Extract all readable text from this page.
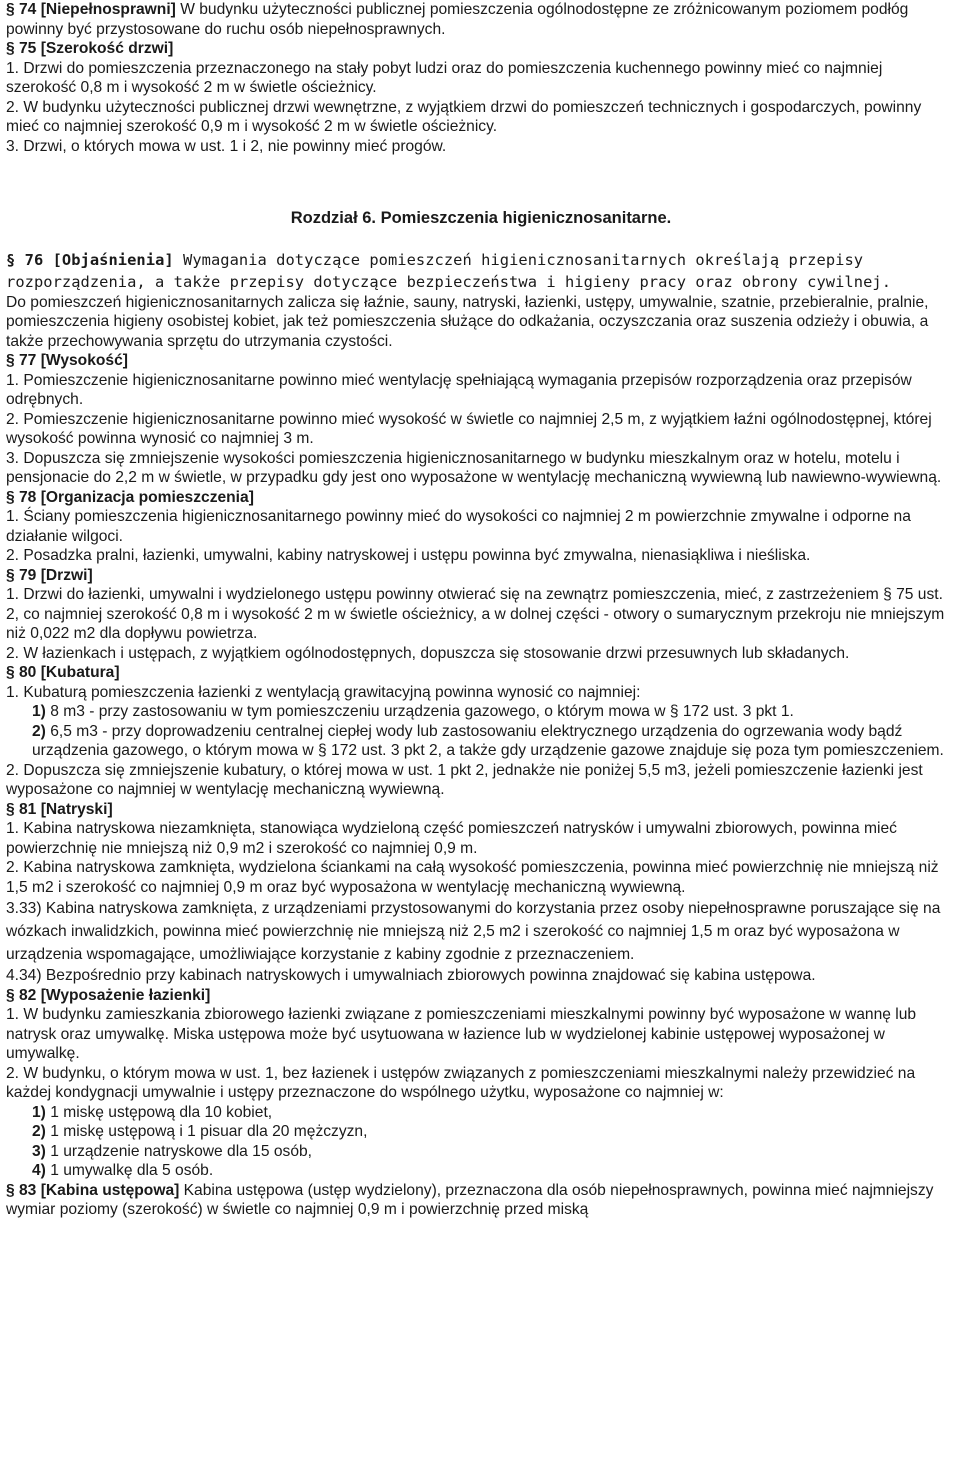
§ 74 [Niepełnosprawni] W budynku użyteczności publicznej pomieszczenia ogólnodostępne ze zróżnicowanym poziomem podłóg powinny być przystosowane do ruchu osób niepełnosprawnych.

§ 75 [Szerokość drzwi]

1. Drzwi do pomieszczenia przeznaczonego na stały pobyt ludzi oraz do pomieszczenia kuchennego powinny mieć co najmniej szerokość 0,8 m i wysokość 2 m w świetle ościeżnicy.

2. W budynku użyteczności publicznej drzwi wewnętrzne, z wyjątkiem drzwi do pomieszczeń technicznych i gospodarczych, powinny mieć co najmniej szerokość 0,9 m i wysokość 2 m w świetle ościeżnicy.

3. Drzwi, o których mowa w ust. 1 i 2, nie powinny mieć progów.

Rozdział 6. Pomieszczenia higienicznosanitarne.

§ 76 [Objaśnienia] Wymagania dotyczące pomieszczeń higienicznosanitarnych określają przepisy rozporządzenia, a także przepisy dotyczące bezpieczeństwa i higieny pracy oraz obrony cywilnej.

Do pomieszczeń higienicznosanitarnych zalicza się łaźnie, sauny, natryski, łazienki, ustępy, umywalnie, szatnie, przebieralnie, pralnie, pomieszczenia higieny osobistej kobiet, jak też pomieszczenia służące do odkażania, oczyszczania oraz suszenia odzieży i obuwia, a także przechowywania sprzętu do utrzymania czystości.

§ 77 [Wysokość]

1. Pomieszczenie higienicznosanitarne powinno mieć wentylację spełniającą wymagania przepisów rozporządzenia oraz przepisów odrębnych.

2. Pomieszczenie higienicznosanitarne powinno mieć wysokość w świetle co najmniej 2,5 m, z wyjątkiem łaźni ogólnodostępnej, której wysokość powinna wynosić co najmniej 3 m.

3. Dopuszcza się zmniejszenie wysokości pomieszczenia higienicznosanitarnego w budynku mieszkalnym oraz w hotelu, motelu i pensjonacie do 2,2 m w świetle, w przypadku gdy jest ono wyposażone w wentylację mechaniczną wywiewną lub nawiewno-wywiewną.

§ 78 [Organizacja pomieszczenia]

1. Ściany pomieszczenia higienicznosanitarnego powinny mieć do wysokości co najmniej 2 m powierzchnie zmywalne i odporne na działanie wilgoci.

2. Posadzka pralni, łazienki, umywalni, kabiny natryskowej i ustępu powinna być zmywalna, nienasiąkliwa i nieśliska.

§ 79 [Drzwi]

1. Drzwi do łazienki, umywalni i wydzielonego ustępu powinny otwierać się na zewnątrz pomieszczenia, mieć, z zastrzeżeniem § 75 ust. 2, co najmniej szerokość 0,8 m i wysokość 2 m w świetle ościeżnicy, a w dolnej części - otwory o sumarycznym przekroju nie mniejszym niż 0,022 m2 dla dopływu powietrza.

2. W łazienkach i ustępach, z wyjątkiem ogólnodostępnych, dopuszcza się stosowanie drzwi przesuwnych lub składanych.

§ 80 [Kubatura]

1. Kubaturą pomieszczenia łazienki z wentylacją grawitacyjną powinna wynosić co najmniej:

1) 8 m3 - przy zastosowaniu w tym pomieszczeniu urządzenia gazowego, o którym mowa w § 172 ust. 3 pkt 1.

2) 6,5 m3 - przy doprowadzeniu centralnej ciepłej wody lub zastosowaniu elektrycznego urządzenia do ogrzewania wody bądź urządzenia gazowego, o którym mowa w § 172 ust. 3 pkt 2, a także gdy urządzenie gazowe znajduje się poza tym pomieszczeniem.

2. Dopuszcza się zmniejszenie kubatury, o której mowa w ust. 1 pkt 2, jednakże nie poniżej 5,5 m3, jeżeli pomieszczenie łazienki jest wyposażone co najmniej w wentylację mechaniczną wywiewną.

§ 81 [Natryski]

1. Kabina natryskowa niezamknięta, stanowiąca wydzieloną część pomieszczeń natrysków i umywalni zbiorowych, powinna mieć powierzchnię nie mniejszą niż 0,9 m2 i szerokość co najmniej 0,9 m.

2. Kabina natryskowa zamknięta, wydzielona ściankami na całą wysokość pomieszczenia, powinna mieć powierzchnię nie mniejszą niż 1,5 m2 i szerokość co najmniej 0,9 m oraz być wyposażona w wentylację mechaniczną wywiewną.

3.33) Kabina natryskowa zamknięta, z urządzeniami przystosowanymi do korzystania przez osoby niepełnosprawne poruszające się na wózkach inwalidzkich, powinna mieć powierzchnię nie mniejszą niż 2,5 m2 i szerokość co najmniej 1,5 m oraz być wyposażona w urządzenia wspomagające, umożliwiające korzystanie z kabiny zgodnie z przeznaczeniem.

4.34) Bezpośrednio przy kabinach natryskowych i umywalniach zbiorowych powinna znajdować się kabina ustępowa.

§ 82 [Wyposażenie łazienki]

1. W budynku zamieszkania zbiorowego łazienki związane z pomieszczeniami mieszkalnymi powinny być wyposażone w wannę lub natrysk oraz umywalkę. Miska ustępowa może być usytuowana w łazience lub w wydzielonej kabinie ustępowej wyposażonej w umywalkę.

2. W budynku, o którym mowa w ust. 1, bez łazienek i ustępów związanych z pomieszczeniami mieszkalnymi należy przewidzieć na każdej kondygnacji umywalnie i ustępy przeznaczone do wspólnego użytku, wyposażone co najmniej w:

1) 1 miskę ustępową dla 10 kobiet,

2) 1 miskę ustępową i 1 pisuar dla 20 mężczyzn,

3) 1 urządzenie natryskowe dla 15 osób,

4) 1 umywalkę dla 5 osób.

§ 83 [Kabina ustępowa] Kabina ustępowa (ustęp wydzielony), przeznaczona dla osób niepełnosprawnych, powinna mieć najmniejszy wymiar poziomy (szerokość) w świetle co najmniej 0,9 m i powierzchnię przed miską
